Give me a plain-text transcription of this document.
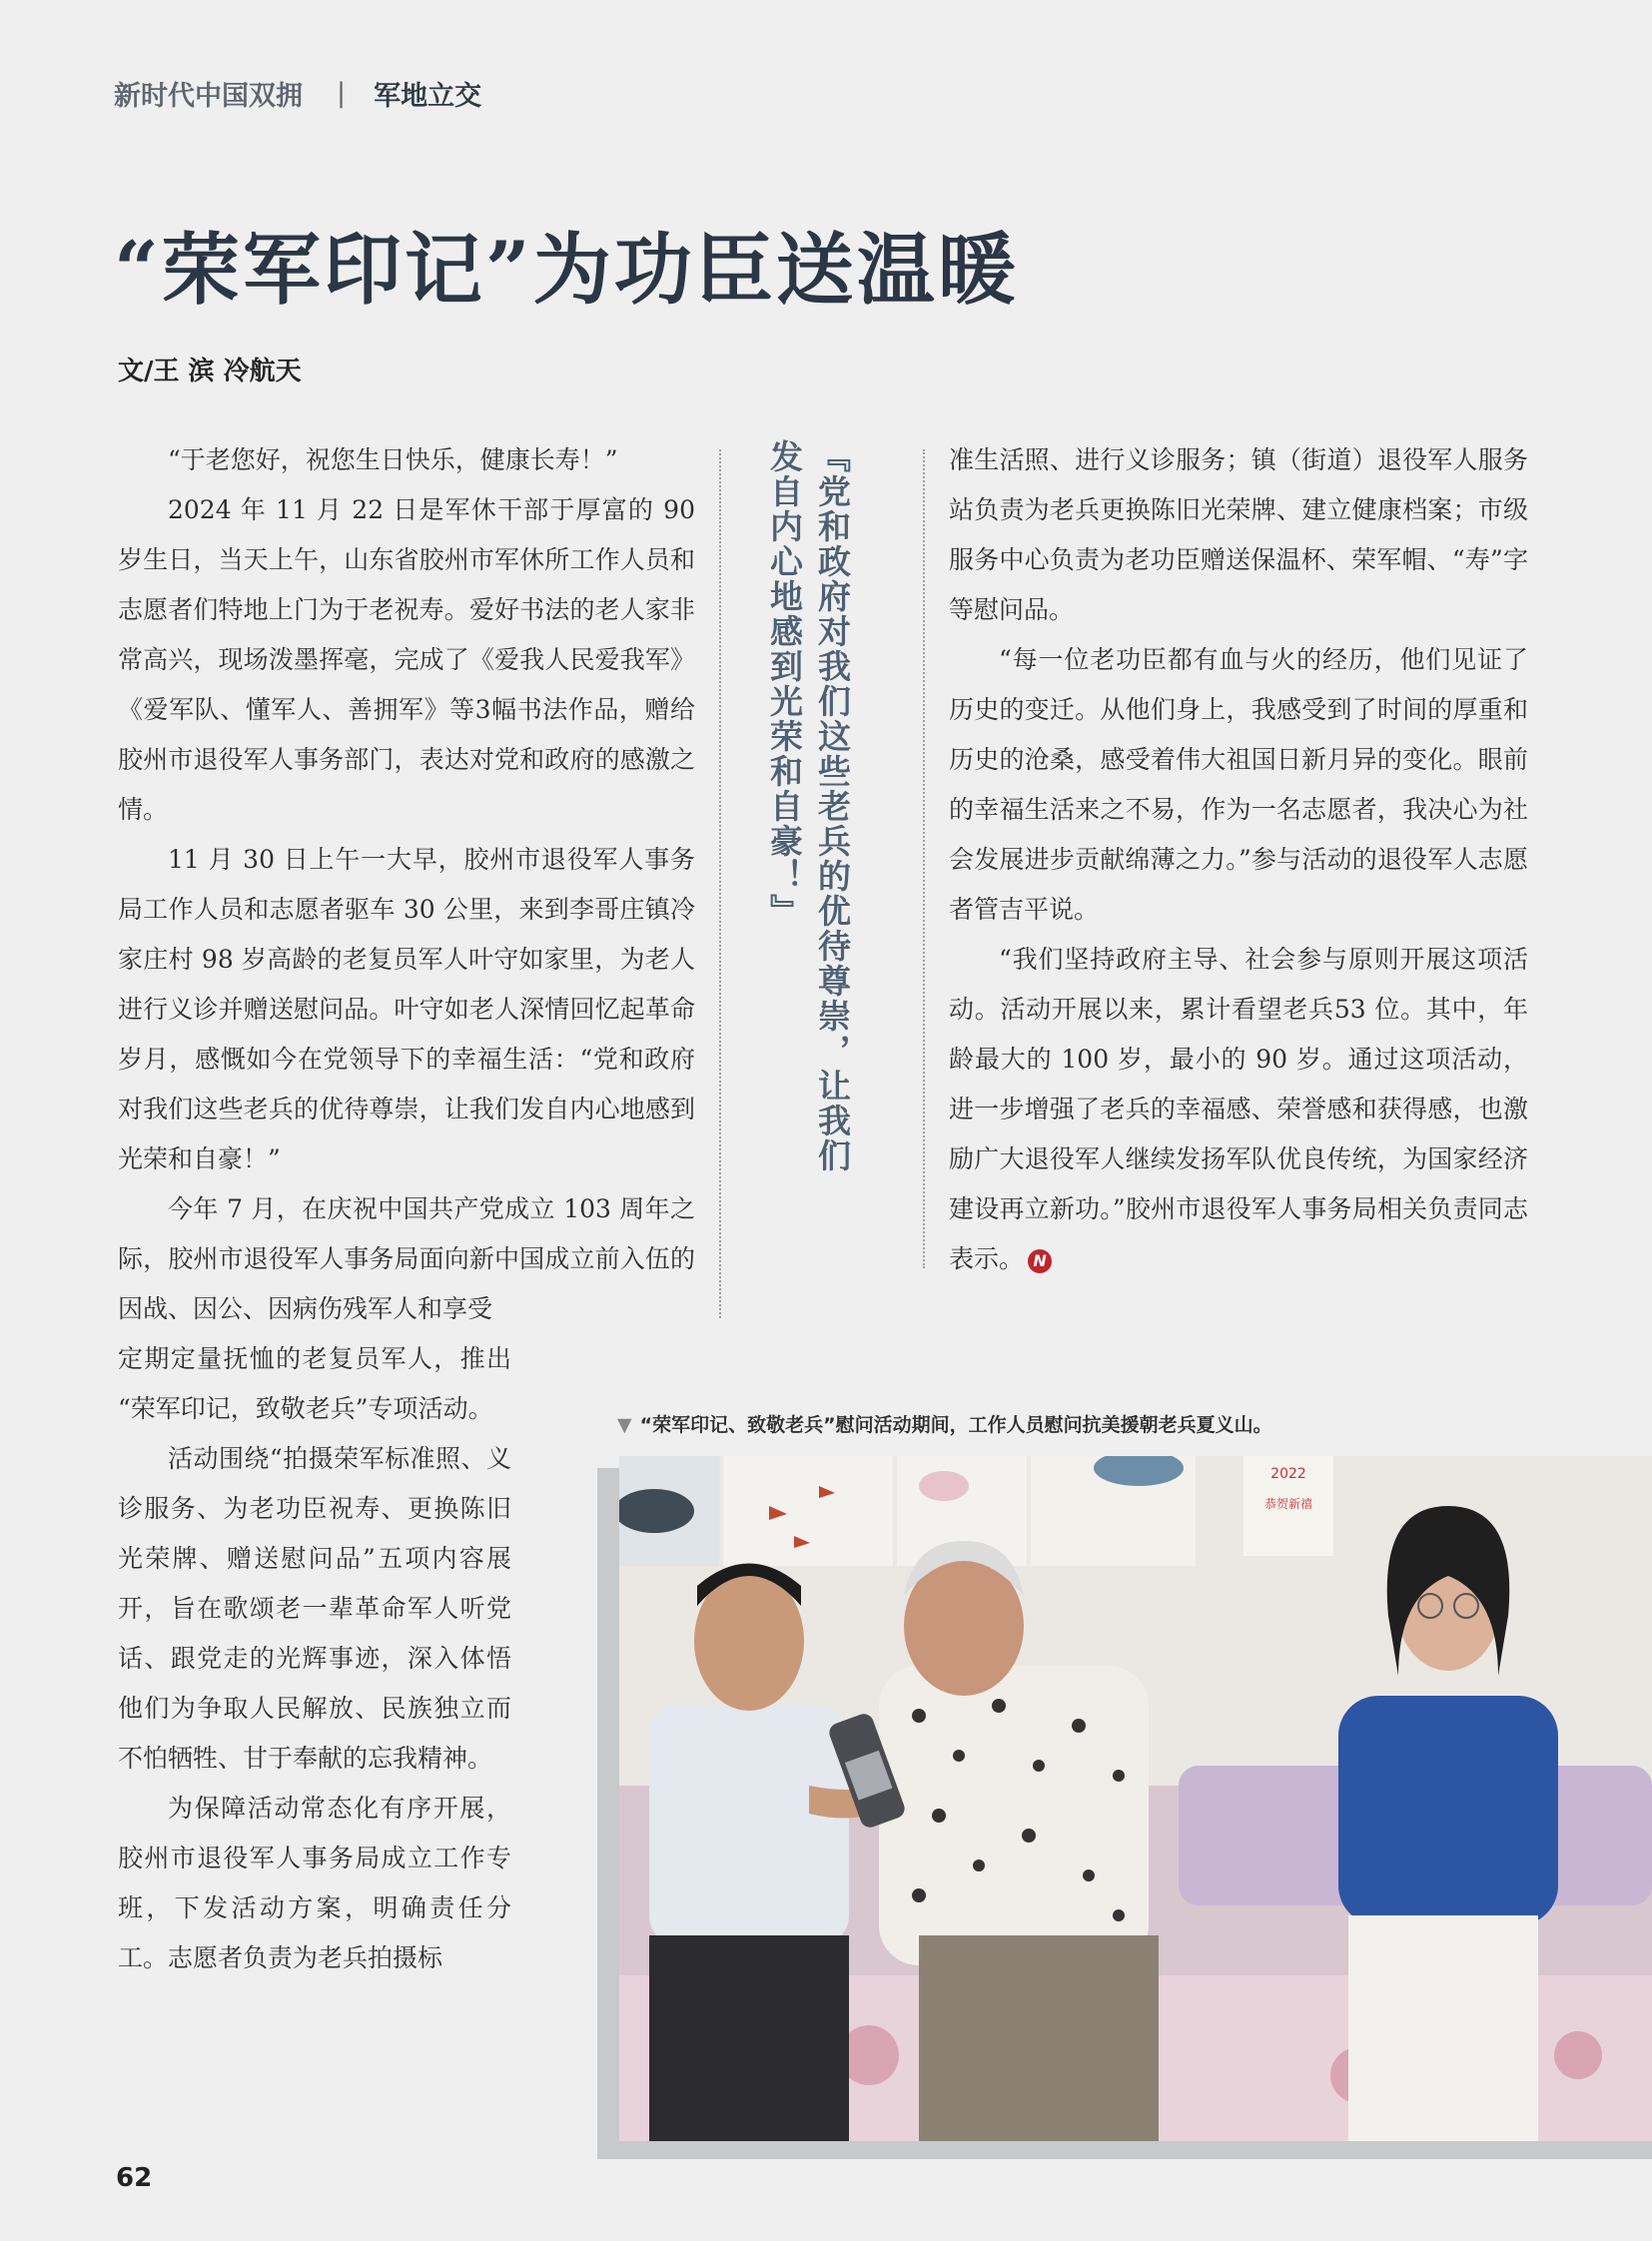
新时代中国双拥 | 军地立交
“荣军印记”为功臣送温暖
文/王 滨 冷航天

“于老您好，祝您生日快乐，健康长寿！”

2024 年 11 月 22 日是军休干部于厚富的 90 岁生日，当天上午，山东省胶州市军休所工作人员和志愿者们特地上门为于老祝寿。爱好书法的老人家非常高兴，现场泼墨挥毫，完成了《爱我人民爱我军》《爱军队、懂军人、善拥军》等3幅书法作品，赠给胶州市退役军人事务部门，表达对党和政府的感激之情。

11 月 30 日上午一大早，胶州市退役军人事务局工作人员和志愿者驱车 30 公里，来到李哥庄镇冷家庄村 98 岁高龄的老复员军人叶守如家里，为老人进行义诊并赠送慰问品。叶守如老人深情回忆起革命岁月，感慨如今在党领导下的幸福生活：“党和政府对我们这些老兵的优待尊崇，让我们发自内心地感到光荣和自豪！”

今年 7 月，在庆祝中国共产党成立 103 周年之际，胶州市退役军人事务局面向新中国成立前入伍的因战、因公、因病伤残军人和享受

定期定量抚恤的老复员军人，推出 “荣军印记，致敬老兵”专项活动。

活动围绕“拍摄荣军标准照、义诊服务、为老功臣祝寿、更换陈旧光荣牌、赠送慰问品”五项内容展开，旨在歌颂老一辈革命军人听党话、跟党走的光辉事迹，深入体悟他们为争取人民解放、民族独立而不怕牺牲、甘于奉献的忘我精神。

为保障活动常态化有序开展，胶州市退役军人事务局成立工作专班，下发活动方案，明确责任分工。志愿者负责为老兵拍摄标

『党和政府对我们这些老兵的优待尊崇，让我们
发自内心地感到光荣和自豪！』	准生活照、进行义诊服务；镇（街道）退役军人服务站负责为老兵更换陈旧光荣牌、建立健康档案；市级服务中心负责为老功臣赠送保温杯、荣军帽、“寿”字等慰问品。

“每一位老功臣都有血与火的经历，他们见证了历史的变迁。从他们身上，我感受到了时间的厚重和历史的沧桑，感受着伟大祖国日新月异的变化。眼前的幸福生活来之不易，作为一名志愿者，我决心为社会发展进步贡献绵薄之力。”参与活动的退役军人志愿者管吉平说。

“我们坚持政府主导、社会参与原则开展这项活动。活动开展以来，累计看望老兵53 位。其中，年龄最大的 100 岁，最小的 90 岁。通过这项活动，进一步增强了老兵的幸福感、荣誉感和获得感，也激励广大退役军人继续发扬军队优良传统，为国家经济建设再立新功。”胶州市退役军人事务局相关负责同志表示。 N

▼ “荣军印记、致敬老兵”慰问活动期间，工作人员慰问抗美援朝老兵夏义山。
2022
恭贺新禧
62
